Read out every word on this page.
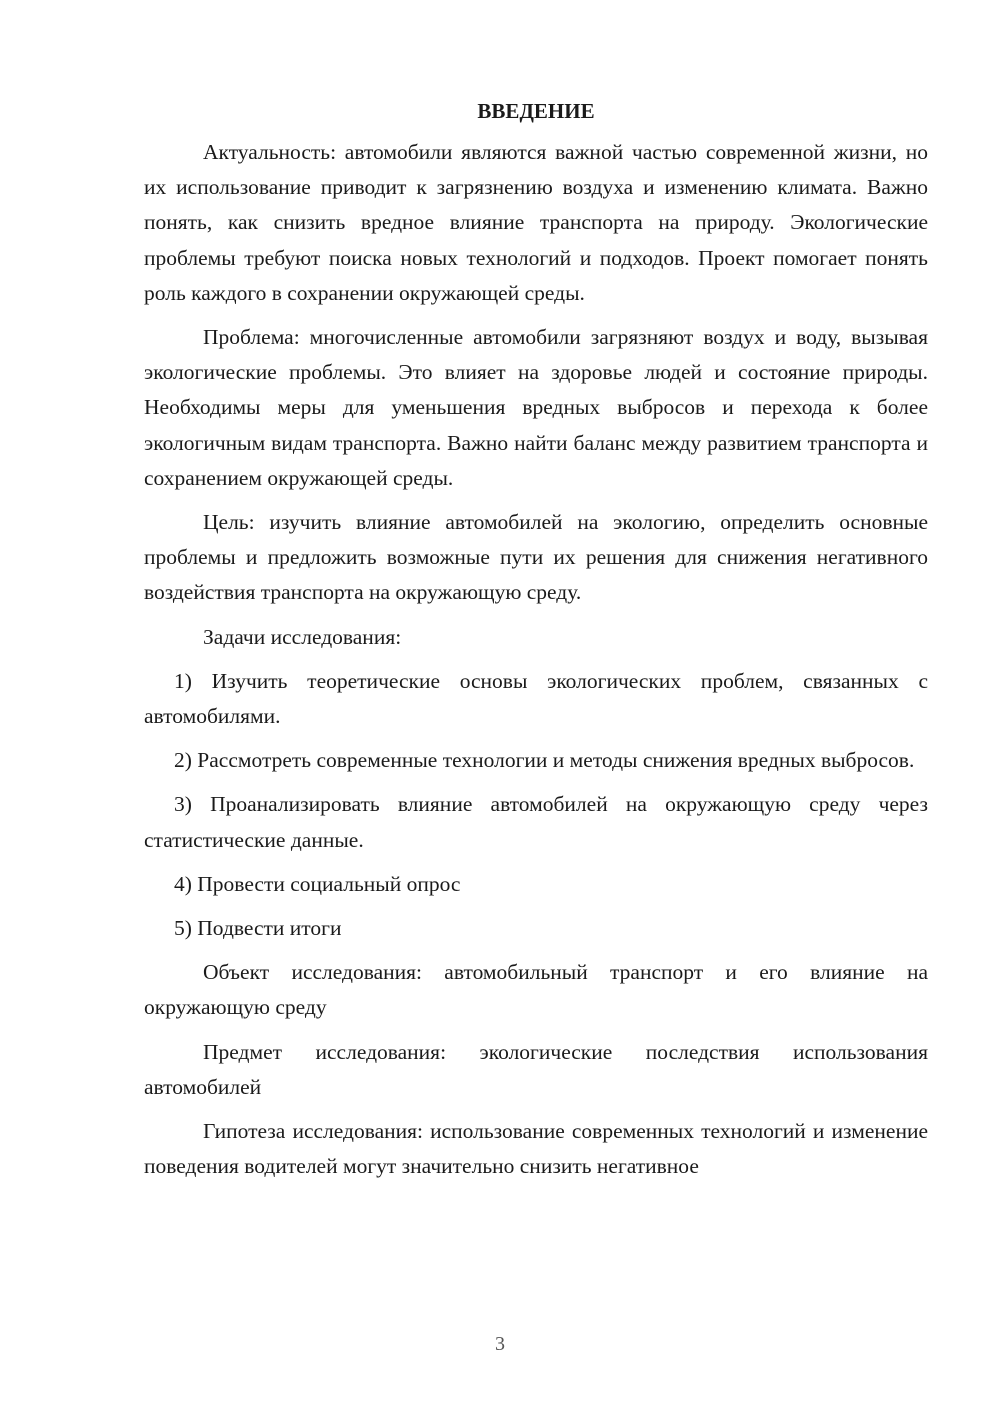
ВВЕДЕНИЕ

Актуальность: автомобили являются важной частью современной жизни, но их использование приводит к загрязнению воздуха и изменению климата. Важно понять, как снизить вредное влияние транспорта на природу. Экологические проблемы требуют поиска новых технологий и подходов. Проект помогает понять роль каждого в сохранении окружающей среды.

Проблема: многочисленные автомобили загрязняют воздух и воду, вызывая экологические проблемы. Это влияет на здоровье людей и состояние природы. Необходимы меры для уменьшения вредных выбросов и перехода к более экологичным видам транспорта. Важно найти баланс между развитием транспорта и сохранением окружающей среды.

Цель: изучить влияние автомобилей на экологию, определить основные проблемы и предложить возможные пути их решения для снижения негативного воздействия транспорта на окружающую среду.

Задачи исследования:

1) Изучить теоретические основы экологических проблем, связанных с автомобилями.

2) Рассмотреть современные технологии и методы снижения вредных выбросов.

3) Проанализировать влияние автомобилей на окружающую среду через статистические данные.

4) Провести социальный опрос

5) Подвести итоги

Объект исследования: автомобильный транспорт и его влияние на окружающую среду

Предмет исследования: экологические последствия использования автомобилей

Гипотеза исследования: использование современных технологий и изменение поведения водителей могут значительно снизить негативное

3
